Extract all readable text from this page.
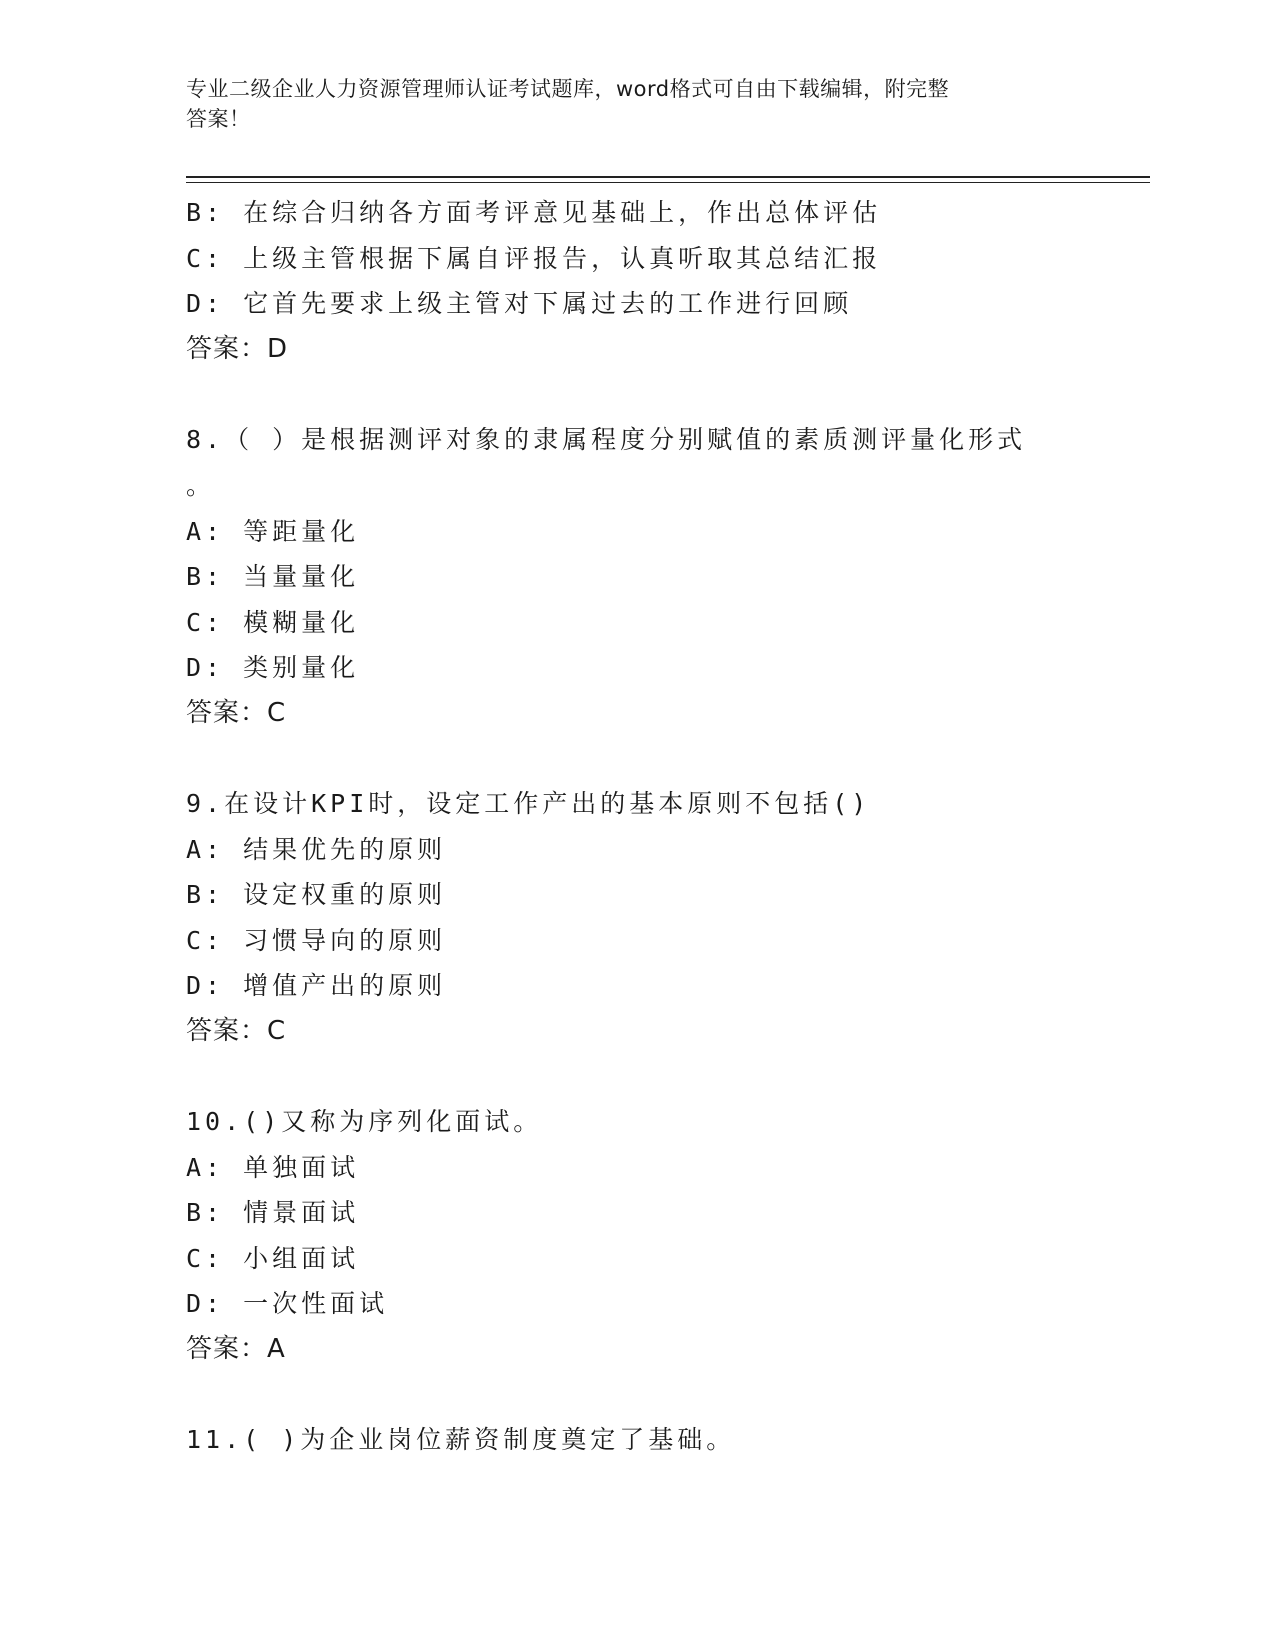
专业二级企业人力资源管理师认证考试题库，word格式可自由下载编辑，附完整
答案！
B: 在综合归纳各方面考评意见基础上，作出总体评估
C: 上级主管根据下属自评报告，认真听取其总结汇报
D: 它首先要求上级主管对下属过去的工作进行回顾
答案：D
8.（ ）是根据测评对象的隶属程度分别赋值的素质测评量化形式
。
A: 等距量化
B: 当量量化
C: 模糊量化
D: 类别量化
答案：C
9.在设计KPI时，设定工作产出的基本原则不包括()
A: 结果优先的原则
B: 设定权重的原则
C: 习惯导向的原则
D: 增值产出的原则
答案：C
10.()又称为序列化面试。
A: 单独面试
B: 情景面试
C: 小组面试
D: 一次性面试
答案：A
11.( )为企业岗位薪资制度奠定了基础。
